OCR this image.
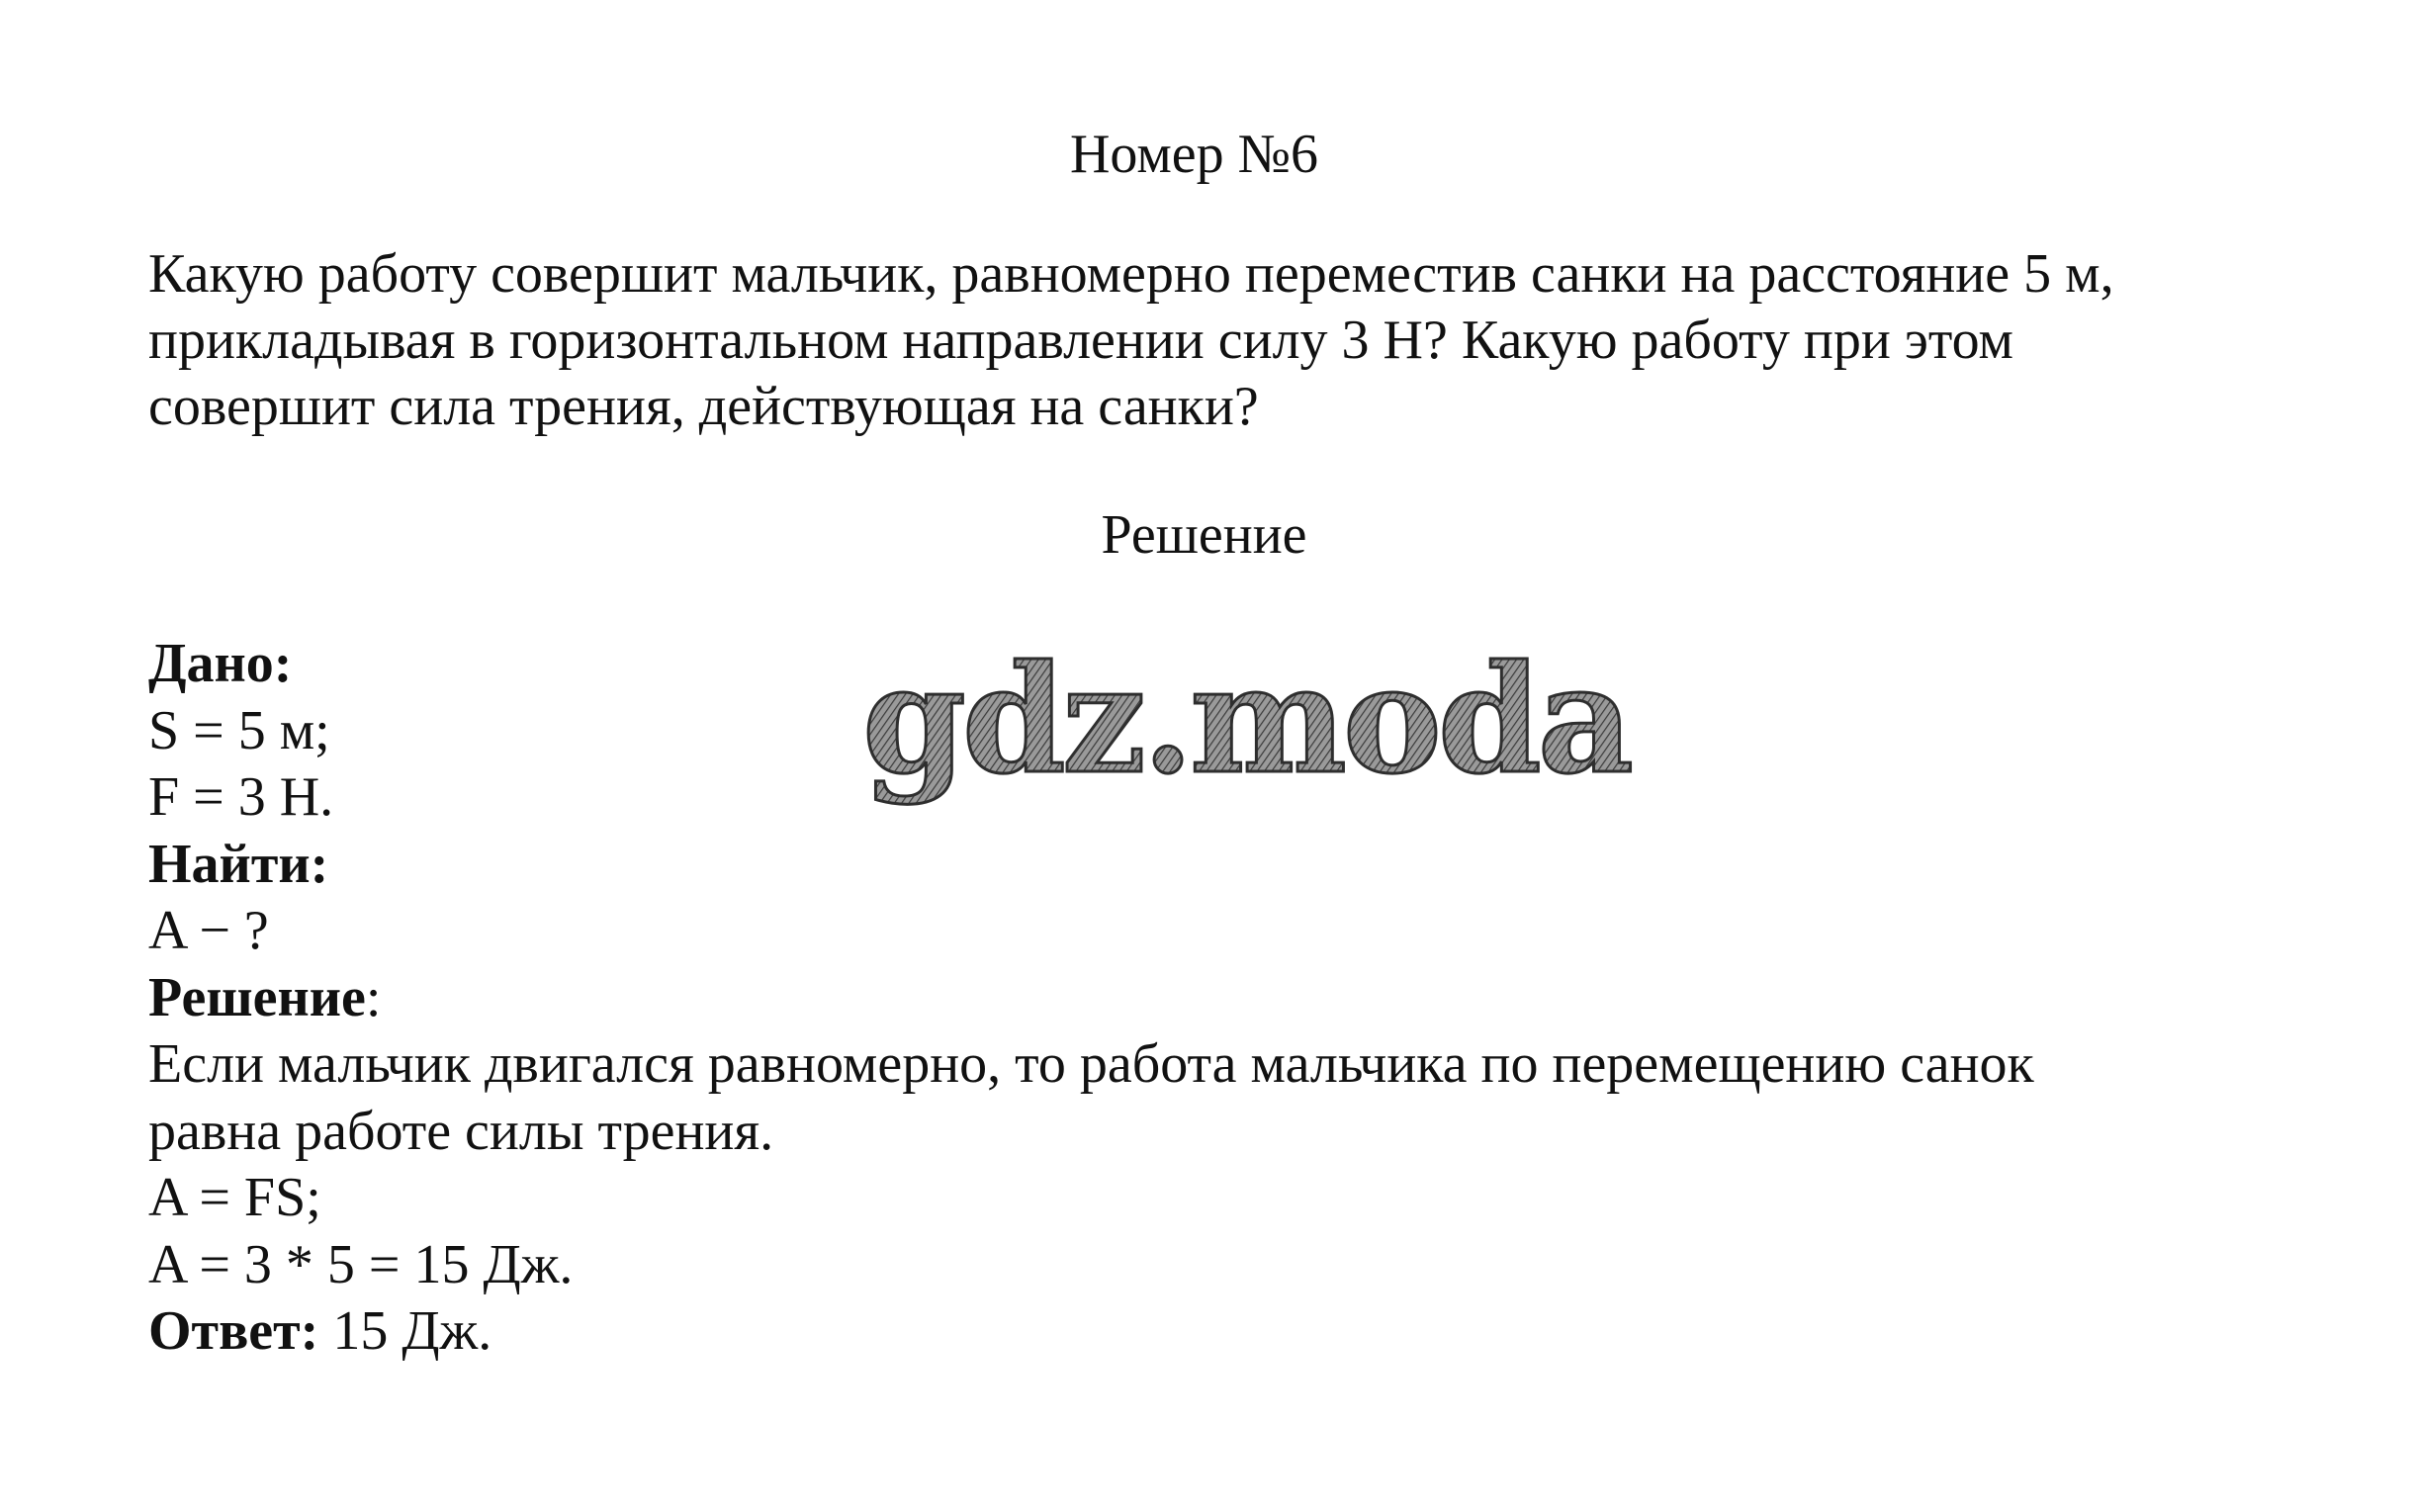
Номер №6
Какую работу совершит мальчик, равномерно переместив санки на расстояние 5 м,
прикладывая в горизонтальном направлении силу 3 Н? Какую работу при этом
совершит сила трения, действующая на санки?
Решение
gdz.moda
Дано:
S = 5 м;
F = 3 Н.
Найти:
A − ?
Решение:
Если мальчик двигался равномерно, то работа мальчика по перемещению санок
равна работе силы трения.
A = FS;
A = 3 * 5 = 15 Дж.
Ответ: 15 Дж.
